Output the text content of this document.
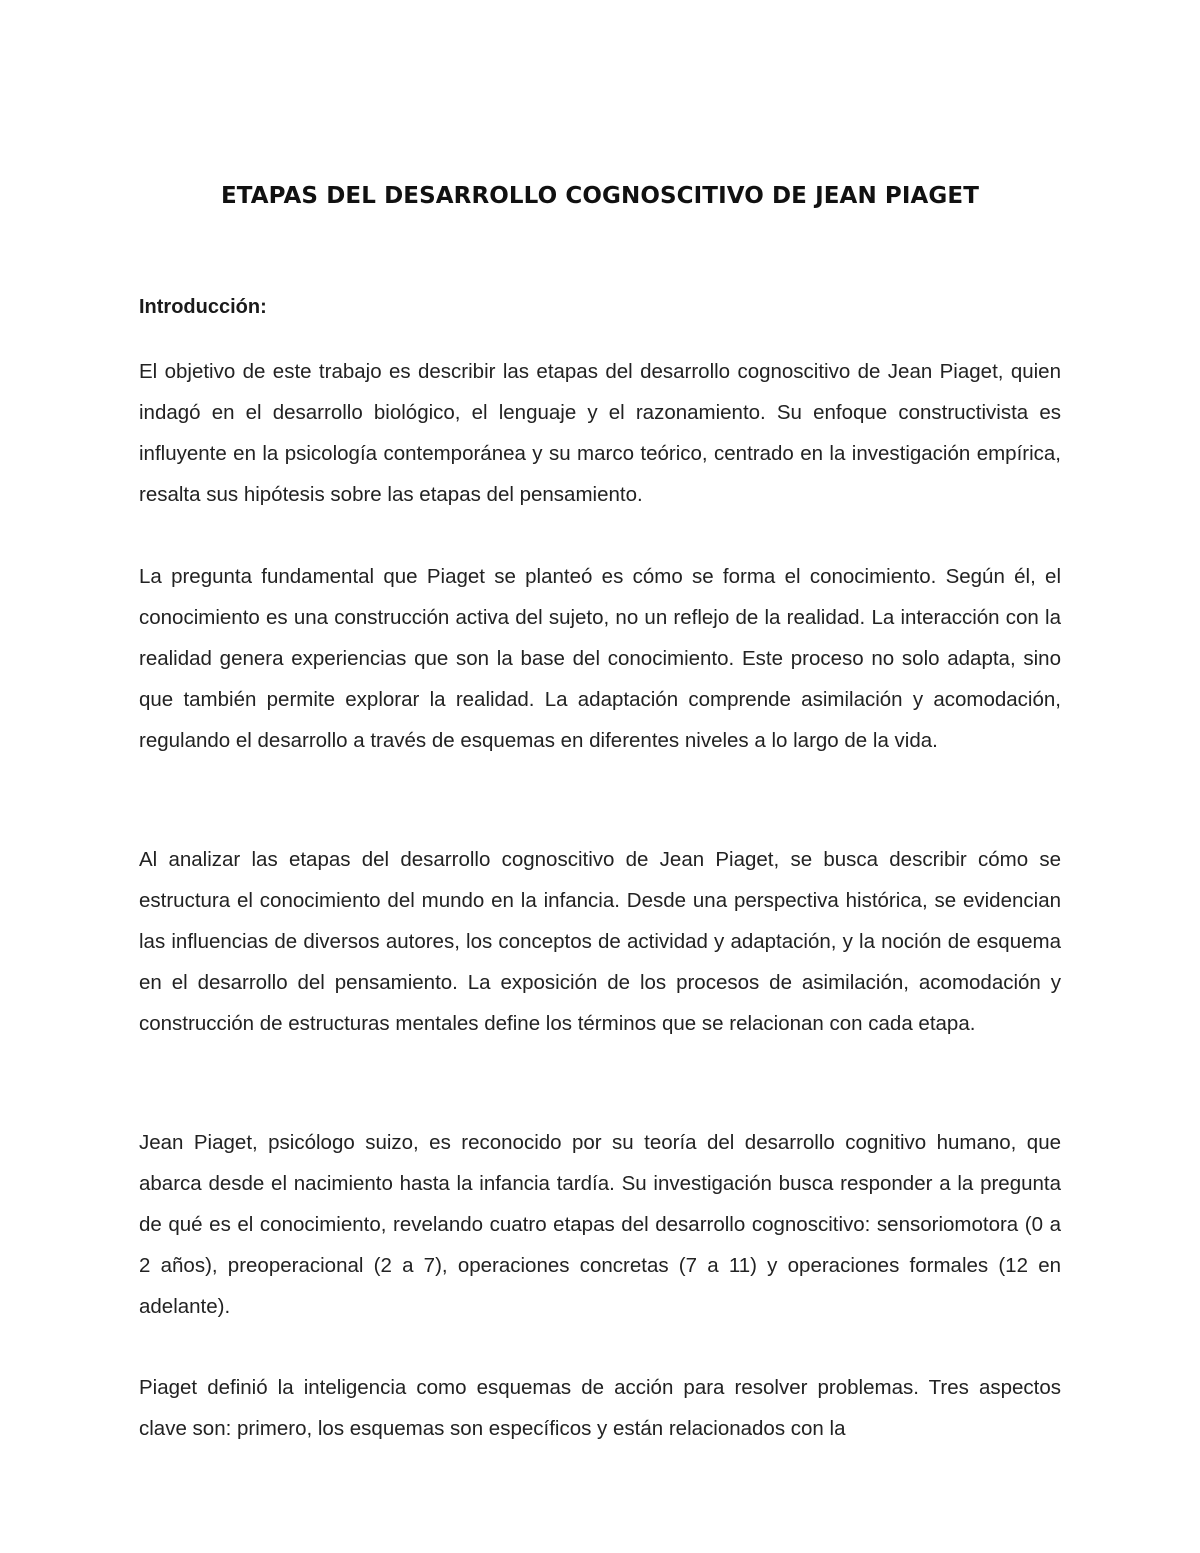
ETAPAS DEL DESARROLLO COGNOSCITIVO DE JEAN PIAGET
Introducción:

El objetivo de este trabajo es describir las etapas del desarrollo cognoscitivo de Jean Piaget, quien indagó en el desarrollo biológico, el lenguaje y el razonamiento. Su enfoque constructivista es influyente en la psicología contemporánea y su marco teórico, centrado en la investigación empírica, resalta sus hipótesis sobre las etapas del pensamiento.

La pregunta fundamental que Piaget se planteó es cómo se forma el conocimiento. Según él, el conocimiento es una construcción activa del sujeto, no un reflejo de la realidad. La interacción con la realidad genera experiencias que son la base del conocimiento. Este proceso no solo adapta, sino que también permite explorar la realidad. La adaptación comprende asimilación y acomodación, regulando el desarrollo a través de esquemas en diferentes niveles a lo largo de la vida.

Al analizar las etapas del desarrollo cognoscitivo de Jean Piaget, se busca describir cómo se estructura el conocimiento del mundo en la infancia. Desde una perspectiva histórica, se evidencian las influencias de diversos autores, los conceptos de actividad y adaptación, y la noción de esquema en el desarrollo del pensamiento. La exposición de los procesos de asimilación, acomodación y construcción de estructuras mentales define los términos que se relacionan con cada etapa.

Jean Piaget, psicólogo suizo, es reconocido por su teoría del desarrollo cognitivo humano, que abarca desde el nacimiento hasta la infancia tardía. Su investigación busca responder a la pregunta de qué es el conocimiento, revelando cuatro etapas del desarrollo cognoscitivo: sensoriomotora (0 a 2 años), preoperacional (2 a 7), operaciones concretas (7 a 11) y operaciones formales (12 en adelante).

Piaget definió la inteligencia como esquemas de acción para resolver problemas. Tres aspectos clave son: primero, los esquemas son específicos y están relacionados con la
